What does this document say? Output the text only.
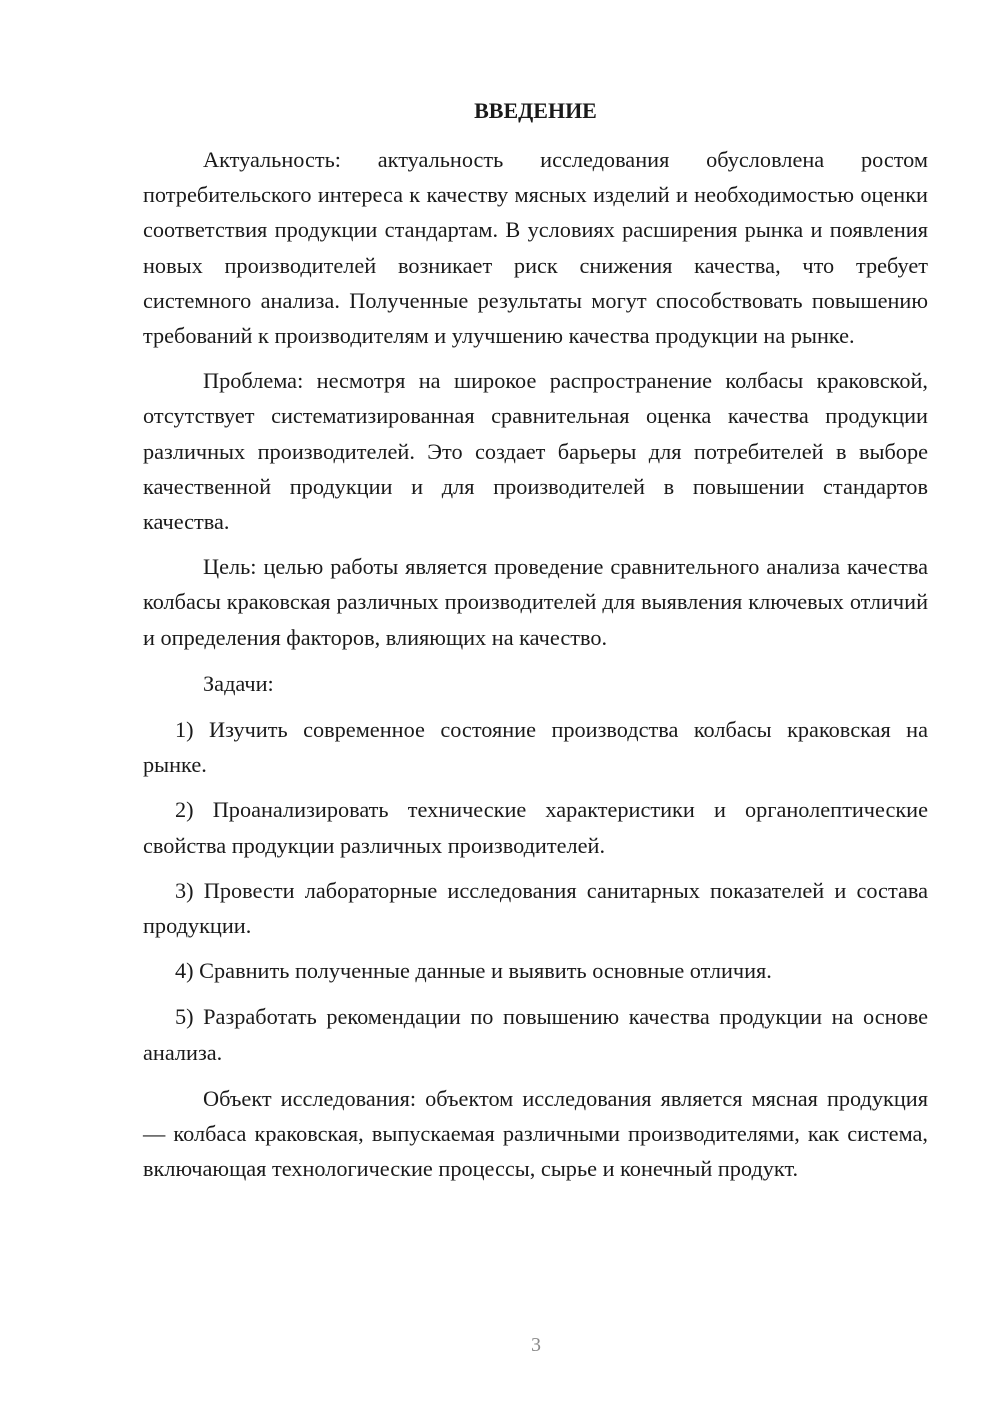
ВВЕДЕНИЕ

Актуальность: актуальность исследования обусловлена ростом потребительского интереса к качеству мясных изделий и необходимостью оценки соответствия продукции стандартам. В условиях расширения рынка и появления новых производителей возникает риск снижения качества, что требует системного анализа. Полученные результаты могут способствовать повышению требований к производителям и улучшению качества продукции на рынке.

Проблема: несмотря на широкое распространение колбасы краковской, отсутствует систематизированная сравнительная оценка качества продукции различных производителей. Это создает барьеры для потребителей в выборе качественной продукции и для производителей в повышении стандартов качества.

Цель: целью работы является проведение сравнительного анализа качества колбасы краковская различных производителей для выявления ключевых отличий и определения факторов, влияющих на качество.

Задачи:

1) Изучить современное состояние производства колбасы краковская на рынке.

2) Проанализировать технические характеристики и органолептические свойства продукции различных производителей.

3) Провести лабораторные исследования санитарных показателей и состава продукции.

4) Сравнить полученные данные и выявить основные отличия.

5) Разработать рекомендации по повышению качества продукции на основе анализа.

Объект исследования: объектом исследования является мясная продукция — колбаса краковская, выпускаемая различными производителями, как система, включающая технологические процессы, сырье и конечный продукт.

3
